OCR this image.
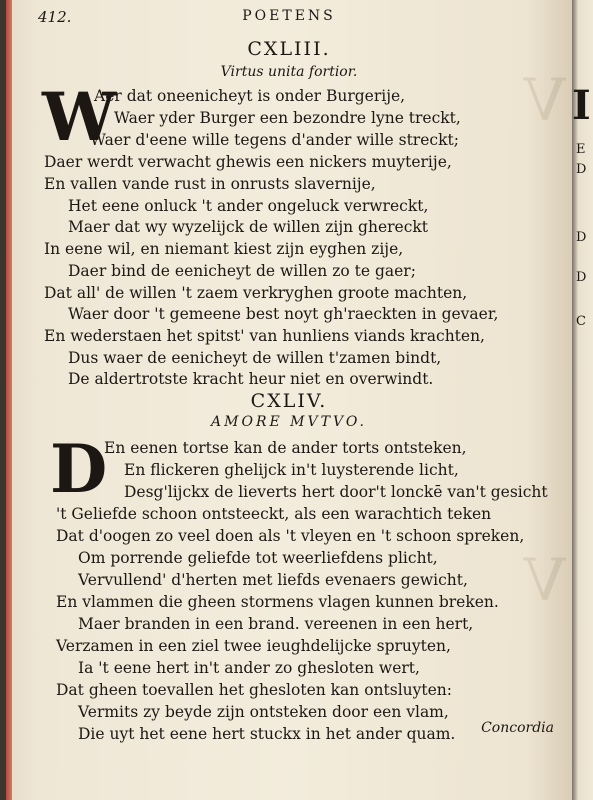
V
V
412.	POETENS
CXLIII.
Virtus unita fortior.
W
Aer dat oneenicheyt is onder Burgerije,
Waer yder Burger een bezondre lyne treckt,
Waer d'eene wille tegens d'ander wille streckt;
Daer werdt verwacht ghewis een nickers muyterije,
En vallen vande rust in onrusts slavernije,
Het eene onluck 't ander ongeluck verwreckt,
Maer dat wy wyzelijck de willen zijn ghereckt
In eene wil, en niemant kiest zijn eyghen zije,
Daer bind de eenicheyt de willen zo te gaer;
Dat all' de willen 't zaem verkryghen groote machten,
Waer door 't gemeene best noyt gh'raeckten in gevaer,
En wederstaen het spitst' van hunliens viands krachten,
Dus waer de eenicheyt de willen t'zamen bindt,
De aldertrotste kracht heur niet en overwindt.
CXLIV.
AMORE MVTVO.
D
En eenen tortse kan de ander torts ontsteken,
En flickeren ghelijck in't luysterende licht,
Desg'lijckx de lieverts hert door't lonckē van't gesicht
't Geliefde schoon ontsteeckt, als een warachtich teken
Dat d'oogen zo veel doen als 't vleyen en 't schoon spreken,
Om porrende geliefde tot weerliefdens plicht,
Vervullend' d'herten met liefds evenaers gewicht,
En vlammen die gheen stormens vlagen kunnen breken.
Maer branden in een brand. vereenen in een hert,
Verzamen in een ziel twee ieughdelijcke spruyten,
Ia 't eene hert in't ander zo ghesloten wert,
Dat gheen toevallen het ghesloten kan ontsluyten:
Vermits zy beyde zijn ontsteken door een vlam,
Die uyt het eene hert stuckx in het ander quam. Concordia
I
E
D
D
D
C
